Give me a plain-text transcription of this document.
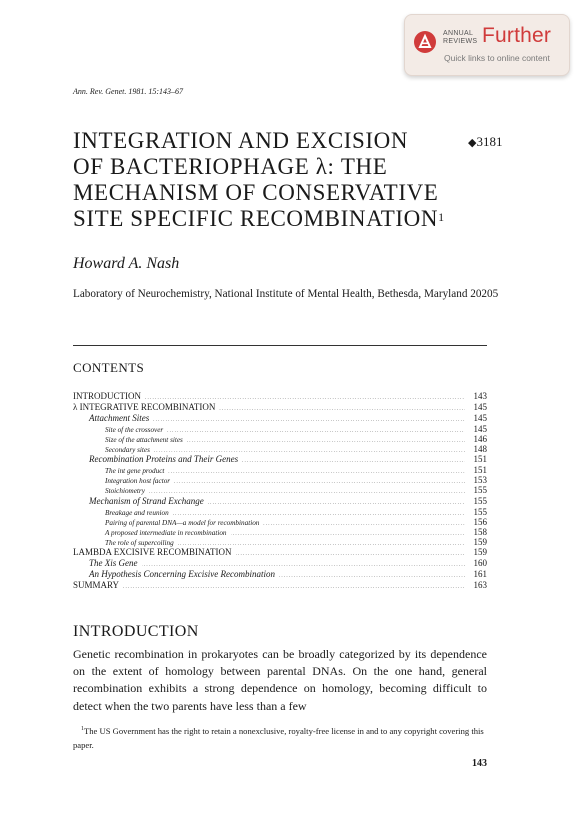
ANNUAL
REVIEWS Further
Quick links to online content
Ann. Rev. Genet. 1981. 15:143–67
INTEGRATION AND EXCISION
OF BACTERIOPHAGE λ: THE
MECHANISM OF CONSERVATIVE
SITE SPECIFIC RECOMBINATION$^1$
◆3181
Howard A. Nash
Laboratory of Neurochemistry, National Institute of Mental Health, Bethesda, Maryland 20205
CONTENTS
INTRODUCTION . . .	143
λ INTEGRATIVE RECOMBINATION . . .	145
Attachment Sites . . .	145
Site of the crossover . . .	145
Size of the attachment sites . . .	146
Secondary sites . . .	148
Recombination Proteins and Their Genes . . .	151
The int gene product . . .	151
Integration host factor . . .	153
Stoichiometry . . .	155
Mechanism of Strand Exchange . . .	155
Breakage and reunion . . .	155
Pairing of parental DNA—a model for recombination . . .	156
A proposed intermediate in recombination . . .	158
The role of supercoiling . . .	159
LAMBDA EXCISIVE RECOMBINATION . . .	159
The Xis Gene . . .	160
An Hypothesis Concerning Excisive Recombination . . .	161
SUMMARY . . .	163
INTRODUCTION

Genetic recombination in prokaryotes can be broadly categorized by its dependence on the extent of homology between parental DNAs. On the one hand, general recombination exhibits a strong dependence on homology, becoming difficult to detect when the two parents have less than a few

$^1$The US Government has the right to retain a nonexclusive, royalty-free license in and to any copyright covering this paper.

143
